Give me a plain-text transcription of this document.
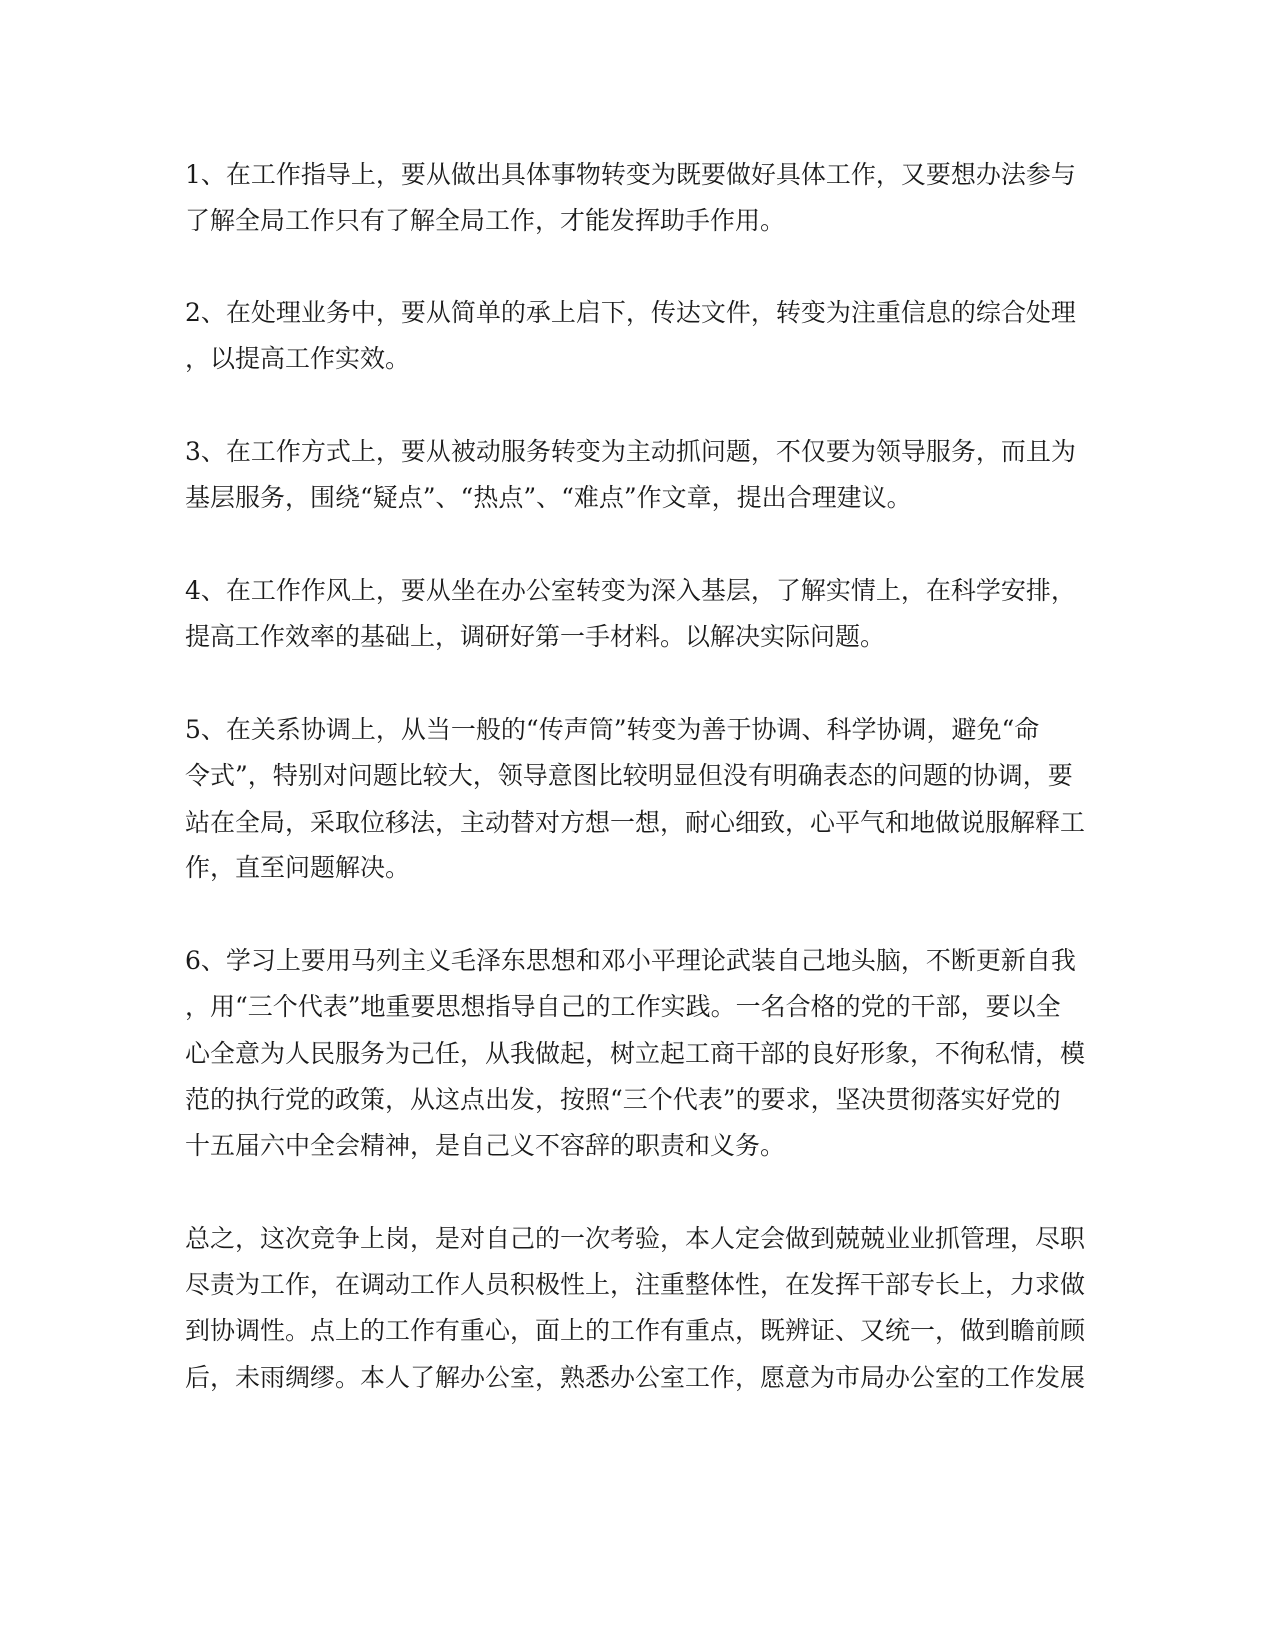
1、在工作指导上，要从做出具体事物转变为既要做好具体工作，又要想办法参与
了解全局工作只有了解全局工作，才能发挥助手作用。
2、在处理业务中，要从简单的承上启下，传达文件，转变为注重信息的综合处理
，以提高工作实效。
3、在工作方式上，要从被动服务转变为主动抓问题，不仅要为领导服务，而且为
基层服务，围绕“疑点”、“热点”、“难点”作文章，提出合理建议。
4、在工作作风上，要从坐在办公室转变为深入基层，了解实情上，在科学安排，
提高工作效率的基础上，调研好第一手材料。以解决实际问题。
5、在关系协调上，从当一般的“传声筒”转变为善于协调、科学协调，避免“命
令式”，特别对问题比较大，领导意图比较明显但没有明确表态的问题的协调，要
站在全局，采取位移法，主动替对方想一想，耐心细致，心平气和地做说服解释工
作，直至问题解决。
6、学习上要用马列主义毛泽东思想和邓小平理论武装自己地头脑，不断更新自我
，用“三个代表”地重要思想指导自己的工作实践。一名合格的党的干部，要以全
心全意为人民服务为己任，从我做起，树立起工商干部的良好形象，不徇私情，模
范的执行党的政策，从这点出发，按照“三个代表”的要求，坚决贯彻落实好党的
十五届六中全会精神，是自己义不容辞的职责和义务。
总之，这次竞争上岗，是对自己的一次考验，本人定会做到兢兢业业抓管理，尽职
尽责为工作，在调动工作人员积极性上，注重整体性，在发挥干部专长上，力求做
到协调性。点上的工作有重心，面上的工作有重点，既辨证、又统一，做到瞻前顾
后，未雨绸缪。本人了解办公室，熟悉办公室工作，愿意为市局办公室的工作发展
